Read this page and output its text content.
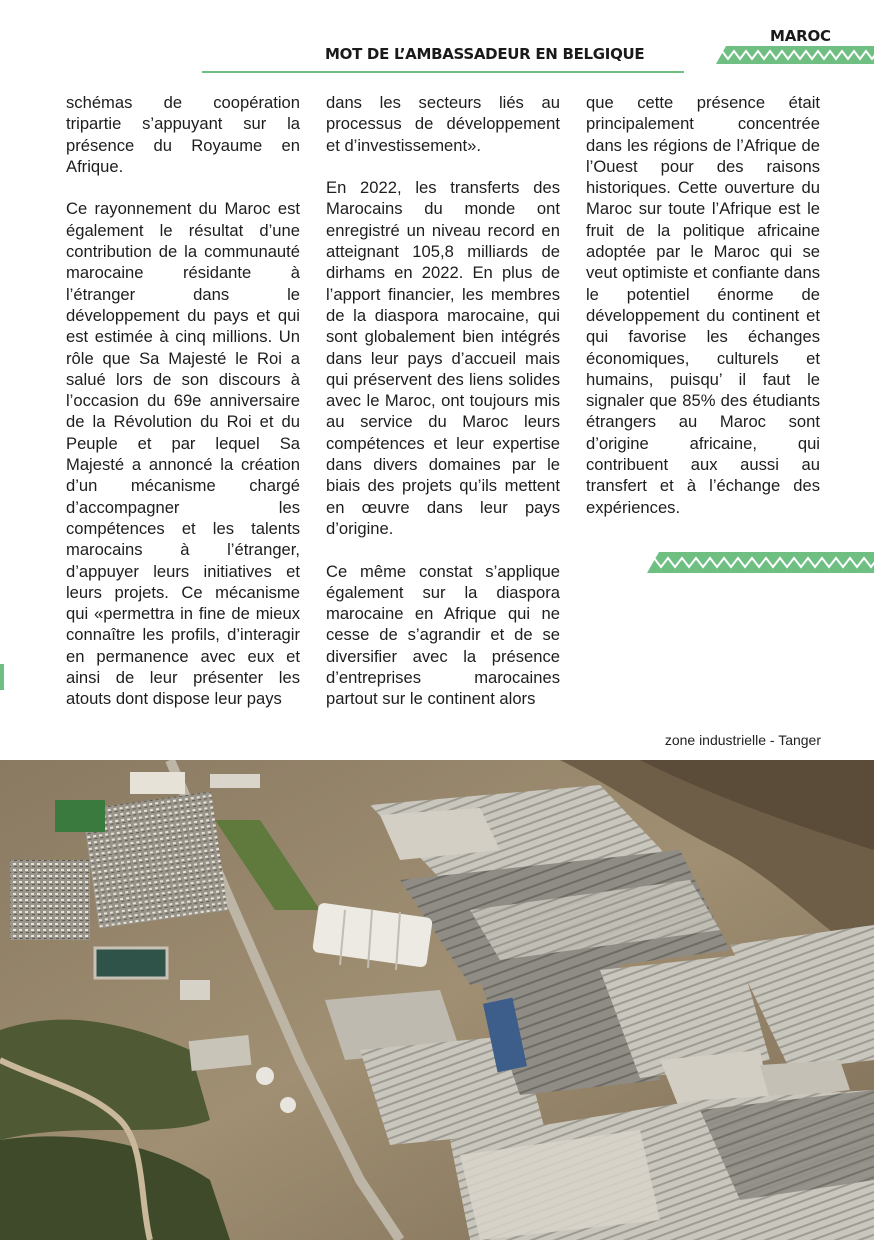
MOT DE L’AMBASSADEUR EN BELGIQUE
MAROC

schémas de coopération tripartie s’appuyant sur la présence du Royaume en Afrique.

Ce rayonnement du Maroc est également le résultat d’une contribution de la communauté marocaine résidante à l’étranger dans le développement du pays et qui est estimée à cinq millions. Un rôle que Sa Majesté le Roi a salué lors de son discours à l’occasion du 69e anniversaire de la Révolution du Roi et du Peuple et par lequel Sa Majesté a annoncé la création d’un mécanisme chargé d’accompagner les compétences et les talents marocains à l’étranger, d’appuyer leurs initiatives et leurs projets. Ce mécanisme qui «permettra in fine de mieux connaître les profils, d’interagir en permanence avec eux et ainsi de leur présenter les atouts dont dispose leur pays

dans les secteurs liés au processus de développement et d’investissement».

En 2022, les transferts des Marocains du monde ont enregistré un niveau record en atteignant 105,8 milliards de dirhams en 2022. En plus de l’apport financier, les membres de la diaspora marocaine, qui sont globalement bien intégrés dans leur pays d’accueil mais qui préservent des liens solides avec le Maroc, ont toujours mis au service du Maroc leurs compétences et leur expertise dans divers domaines par le biais des projets qu’ils mettent en œuvre dans leur pays d’origine.

Ce même constat s’applique également sur la diaspora marocaine en Afrique qui ne cesse de s’agrandir et de se diversifier avec la présence d’entreprises marocaines partout sur le continent alors

que cette présence était principalement concentrée dans les régions de l’Afrique de l’Ouest pour des raisons historiques. Cette ouverture du Maroc sur toute l’Afrique est le fruit de la politique africaine adoptée par le Maroc qui se veut optimiste et confiante dans le potentiel énorme de développement du continent et qui favorise les échanges économiques, culturels et humains, puisqu’ il faut le signaler que 85% des étudiants étrangers au Maroc sont d’origine africaine, qui contribuent aux aussi au transfert et à l’échange des expériences.

zone industrielle - Tanger
